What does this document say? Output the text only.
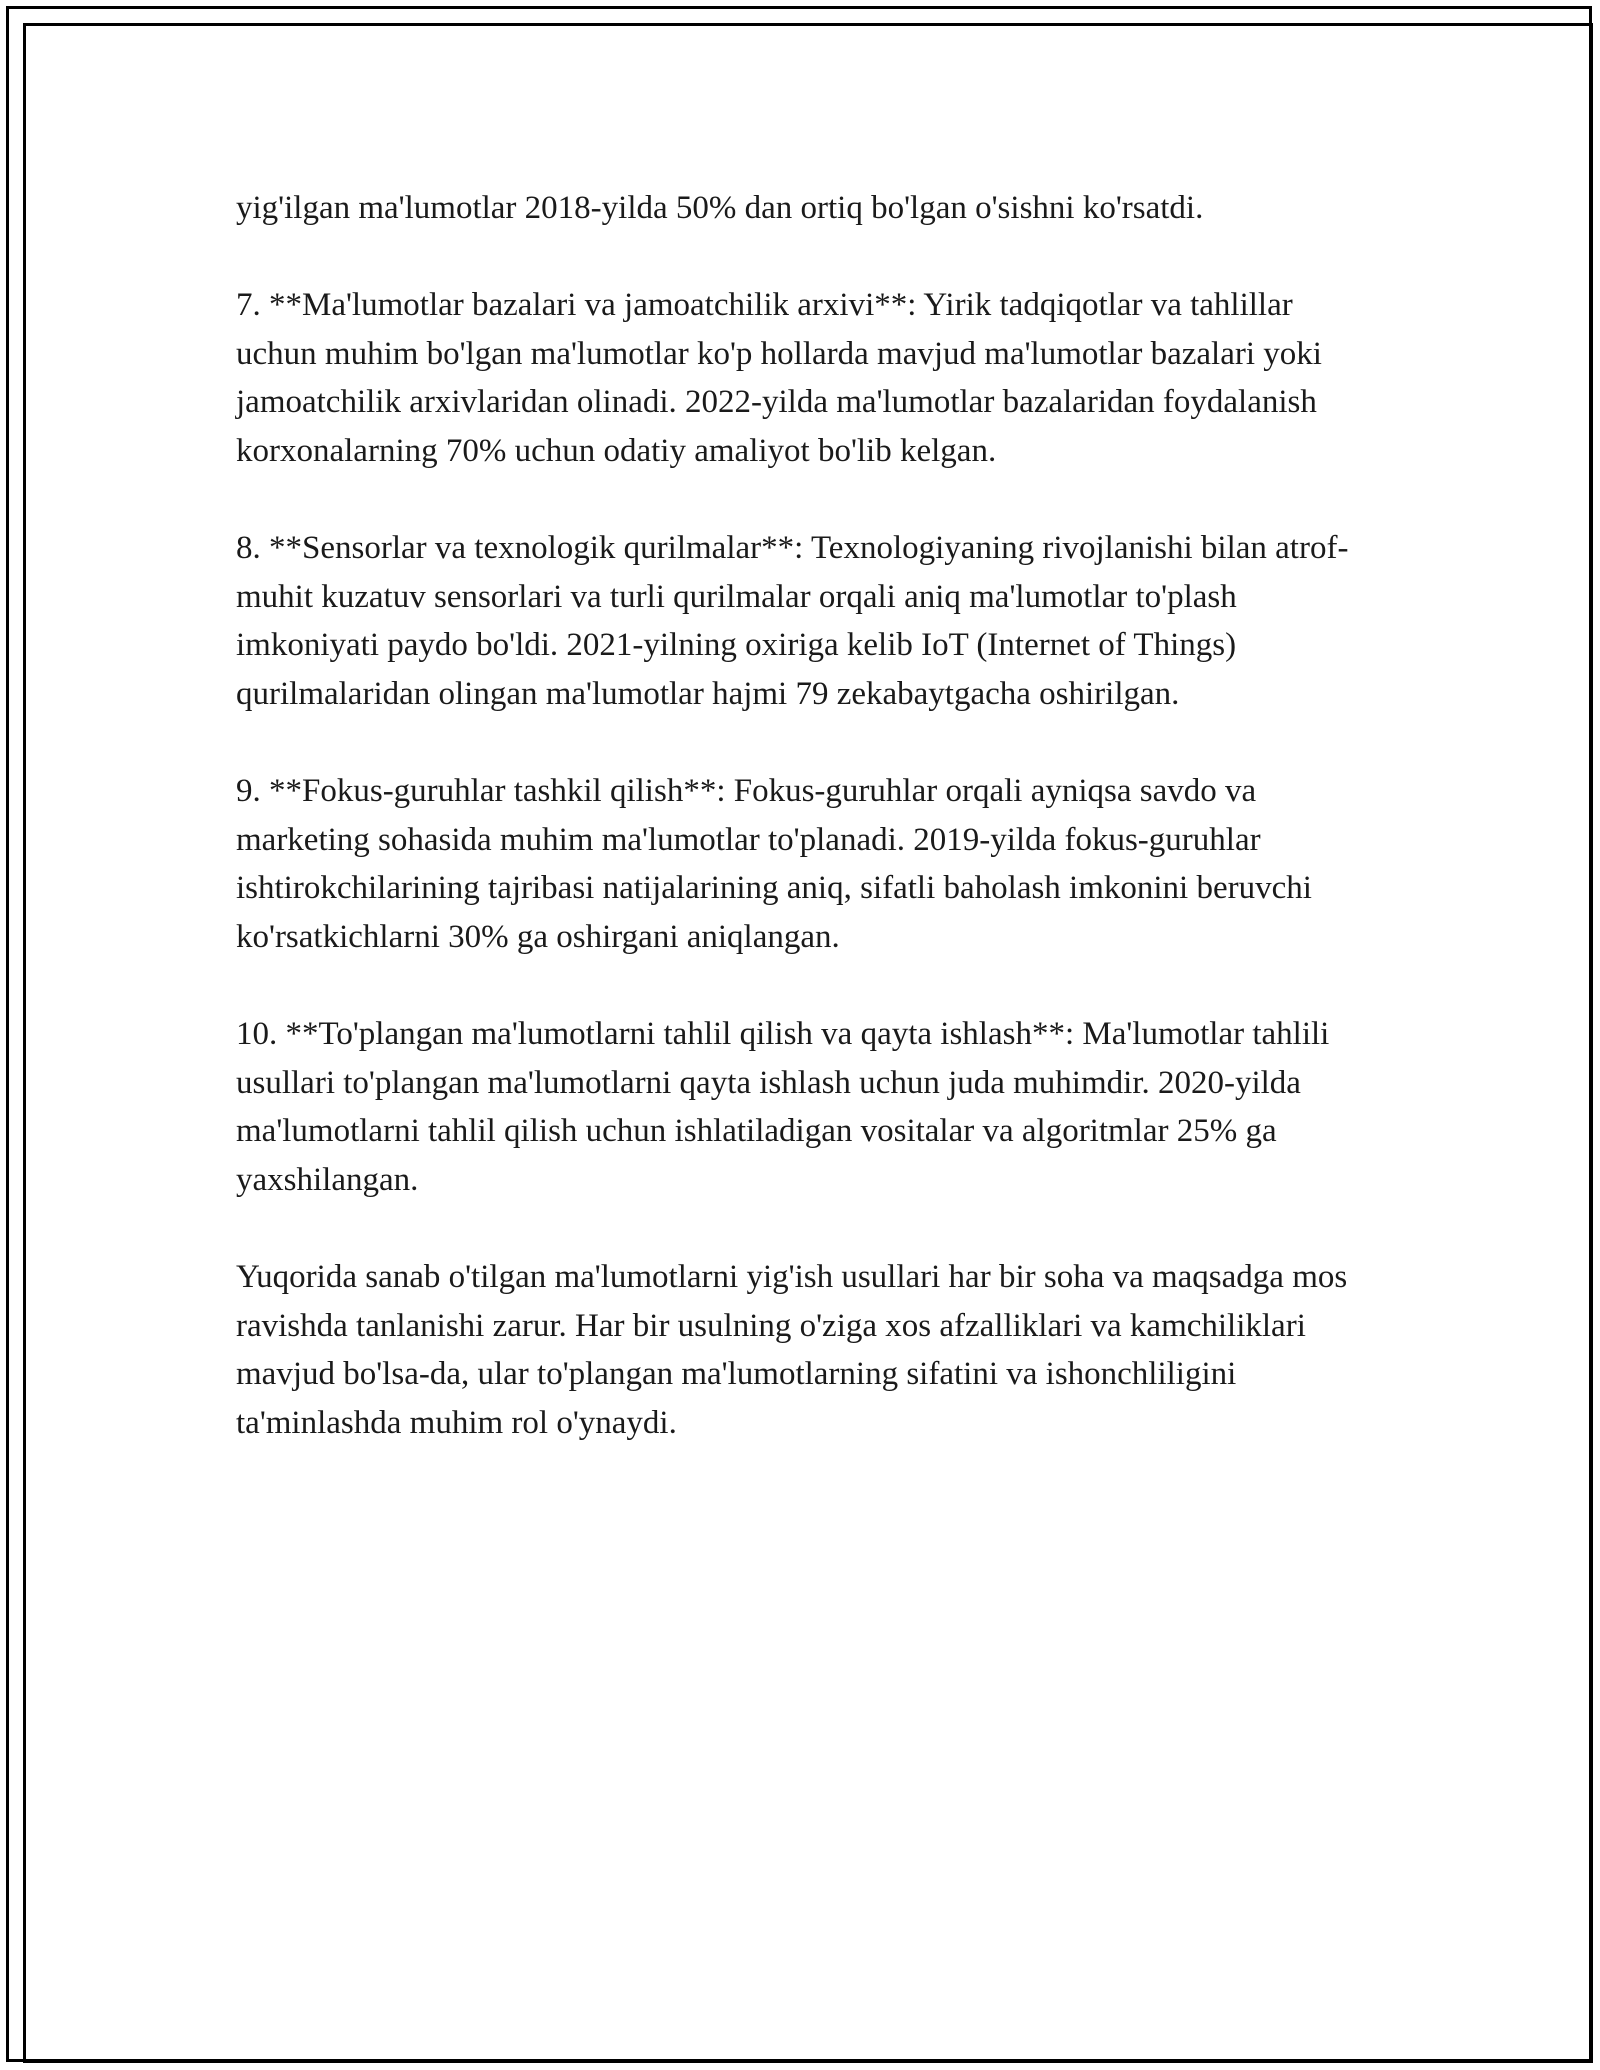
yig'ilgan ma'lumotlar 2018-yilda 50% dan ortiq bo'lgan o'sishni ko'rsatdi.

7. **Ma'lumotlar bazalari va jamoatchilik arxivi**: Yirik tadqiqotlar va tahlillar uchun muhim bo'lgan ma'lumotlar ko'p hollarda mavjud ma'lumotlar bazalari yoki jamoatchilik arxivlaridan olinadi. 2022-yilda ma'lumotlar bazalaridan foydalanish korxonalarning 70% uchun odatiy amaliyot bo'lib kelgan.

8. **Sensorlar va texnologik qurilmalar**: Texnologiyaning rivojlanishi bilan atrof-muhit kuzatuv sensorlari va turli qurilmalar orqali aniq ma'lumotlar to'plash imkoniyati paydo bo'ldi. 2021-yilning oxiriga kelib IoT (Internet of Things) qurilmalaridan olingan ma'lumotlar hajmi 79 zekabaytgacha oshirilgan.

9. **Fokus-guruhlar tashkil qilish**: Fokus-guruhlar orqali ayniqsa savdo va marketing sohasida muhim ma'lumotlar to'planadi. 2019-yilda fokus-guruhlar ishtirokchilarining tajribasi natijalarining aniq, sifatli baholash imkonini beruvchi ko'rsatkichlarni 30% ga oshirgani aniqlangan.

10. **To'plangan ma'lumotlarni tahlil qilish va qayta ishlash**: Ma'lumotlar tahlili usullari to'plangan ma'lumotlarni qayta ishlash uchun juda muhimdir. 2020-yilda ma'lumotlarni tahlil qilish uchun ishlatiladigan vositalar va algoritmlar 25% ga yaxshilangan.

Yuqorida sanab o'tilgan ma'lumotlarni yig'ish usullari har bir soha va maqsadga mos ravishda tanlanishi zarur. Har bir usulning o'ziga xos afzalliklari va kamchiliklari mavjud bo'lsa-da, ular to'plangan ma'lumotlarning sifatini va ishonchliligini ta'minlashda muhim rol o'ynaydi.
